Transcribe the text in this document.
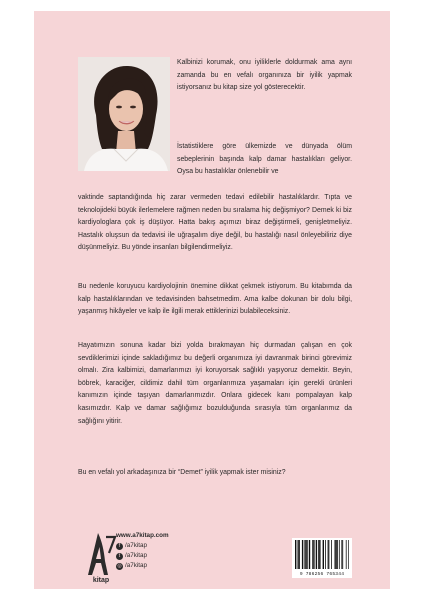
Kalbinizi korumak, onu iyiliklerle doldurmak ama aynı zamanda bu en vefalı organınıza bir iyilik yapmak istiyorsanız bu kitap size yol gösterecektir.

İstatistiklere göre ülkemizde ve dünyada ölüm sebeplerinin başında kalp damar hastalıkları geliyor. Oysa bu hastalıklar önlenebilir ve

vaktinde saptandığında hiç zarar vermeden tedavi edilebilir hastalıklardır. Tıpta ve teknolojideki büyük ilerlemelere rağmen neden bu sıralama hiç değişmiyor? Demek ki biz kardiyologlara çok iş düşüyor. Hatta bakış açımızı biraz değiştirmeli, genişletmeliyiz. Hastalık oluşsun da tedavisi ile uğraşalım diye değil, bu hastalığı nasıl önleyebiliriz diye düşünmeliyiz. Bu yönde insanları bilgilendirmeliyiz.

Bu nedenle koruyucu kardiyolojinin önemine dikkat çekmek istiyorum. Bu kitabımda da kalp hastalıklarından ve tedavisinden bahsetmedim. Ama kalbe dokunan bir dolu bilgi, yaşanmış hikâyeler ve kalp ile ilgili merak ettiklerinizi bulabileceksiniz.

Hayatımızın sonuna kadar bizi yolda bırakmayan hiç durmadan çalışan en çok sevdiklerimizi içinde sakladığımız bu değerli organımıza iyi davranmak birinci görevimiz olmalı. Zira kalbimizi, damarlarımızı iyi koruyorsak sağlıklı yaşıyoruz demektir. Beyin, böbrek, karaciğer, cildimiz dahil tüm organlarımıza yaşamaları için gerekli ürünleri kanımızın içinde taşıyan damarlarımızdır. Onlara gidecek kanı pompalayan kalp kasımızdır. Kalp ve damar sağlığımız bozulduğunda sırasıyla tüm organlarımız da sağlığını yitirir.

Bu en vefalı yol arkadaşınıza bir “Demet” iyilik yapmak ister misiniz?

kitap
www.a7kitap.com
f /a7kitap
t /a7kitap
◎ /a7kitap
9 786256 765344
